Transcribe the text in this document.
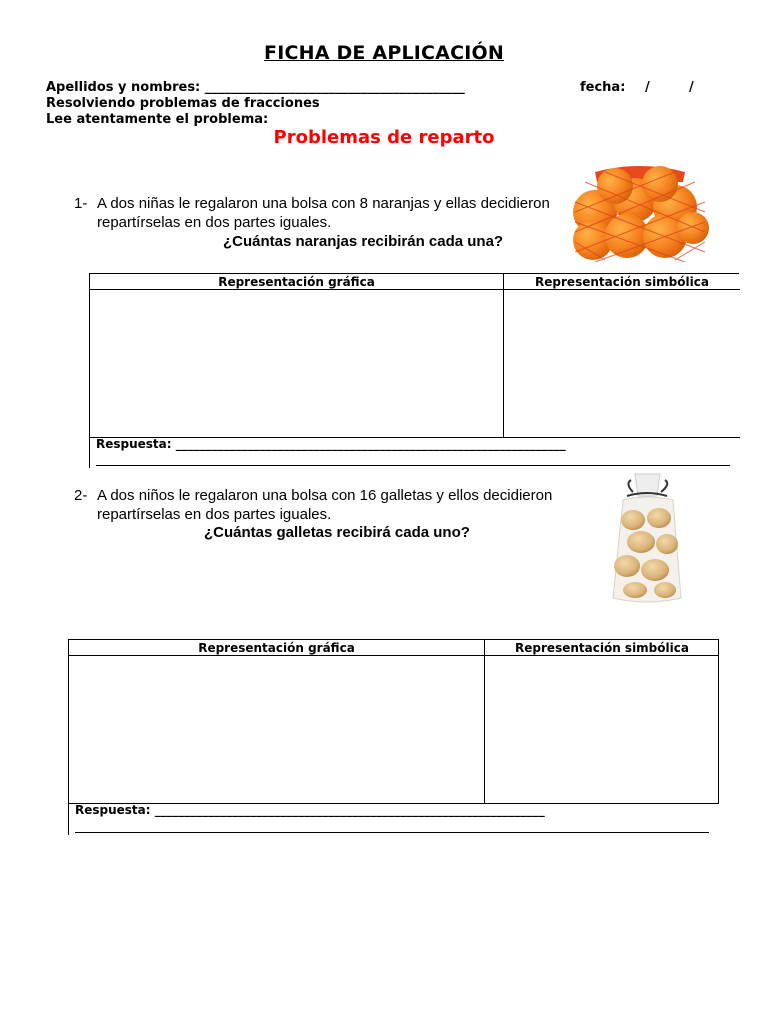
FICHA DE APLICACIÓN
Apellidos y nombres: ________________________________________	fecha: /	/
Resolviendo problemas de fracciones
Lee atentamente el problema:
Problemas de reparto
1- A dos niñas le regalaron una bolsa con 8 naranjas y ellas decidieron repartírselas en dos partes iguales.
¿Cuántas naranjas recibirán cada una?
Representación gráfica	Representación simbólica
Respuesta: _________________________________________________________________
2- A dos niños le regalaron una bolsa con 16 galletas y ellos decidieron repartírselas en dos partes iguales.
¿Cuántas galletas recibirá cada uno?
Representación gráfica	Representación simbólica
Respuesta: _________________________________________________________________
